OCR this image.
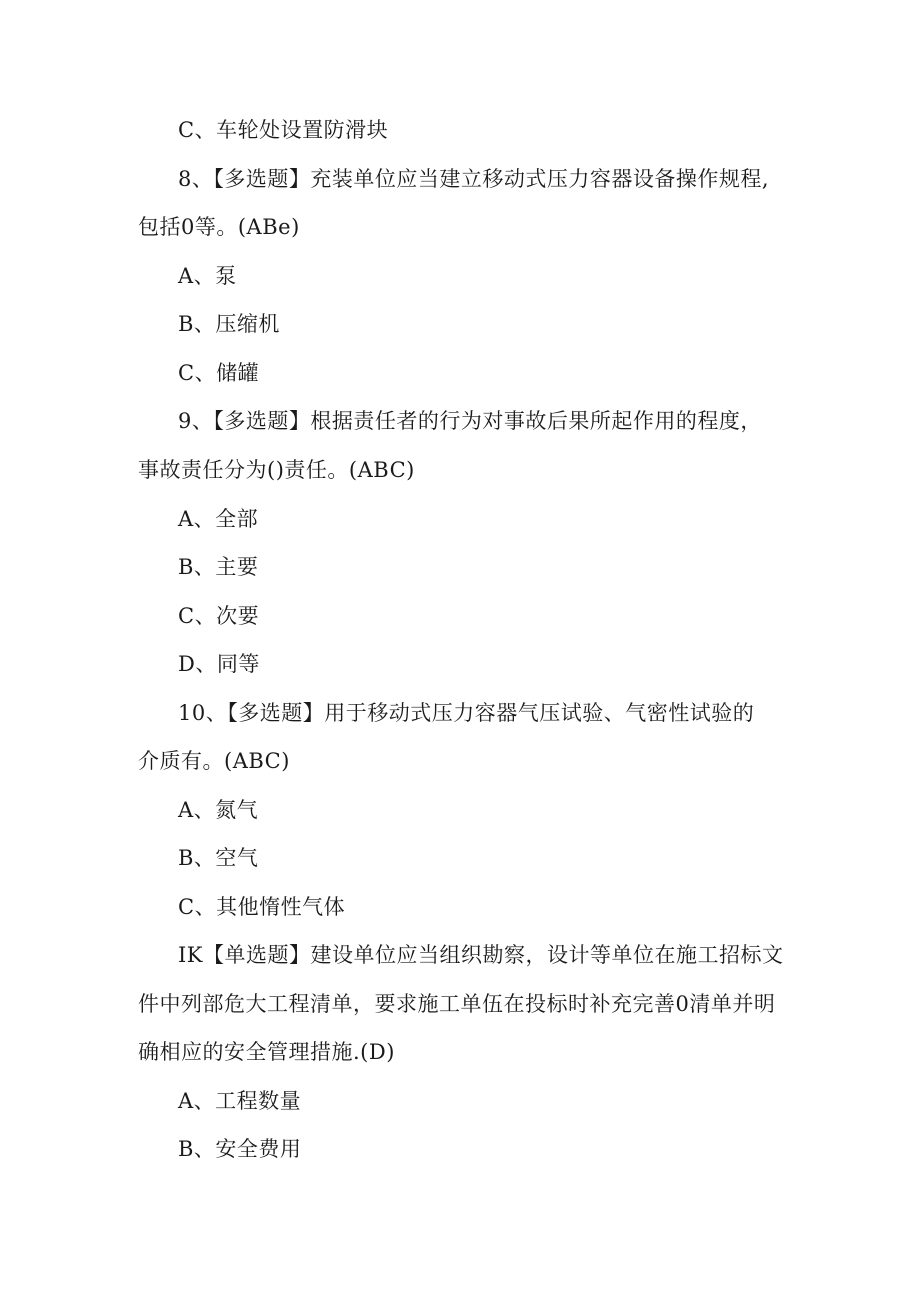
C、车轮处设置防滑块
8、【多选题】充装单位应当建立移动式压力容器设备操作规程,
包括0等。(ABe)
A、泵
B、压缩机
C、储罐
9、【多选题】根据责任者的行为对事故后果所起作用的程度，
事故责任分为()责任。(ABC)
A、全部
B、主要
C、次要
D、同等
10、【多选题】用于移动式压力容器气压试验、气密性试验的
介质有。(ABC)
A、氮气
B、空气
C、其他惰性气体
IK【单选题】建设单位应当组织勘察，设计等单位在施工招标文
件中列部危大工程清单，要求施工单伍在投标时补充完善0清单并明
确相应的安全管理措施.(D)
A、工程数量
B、安全费用
